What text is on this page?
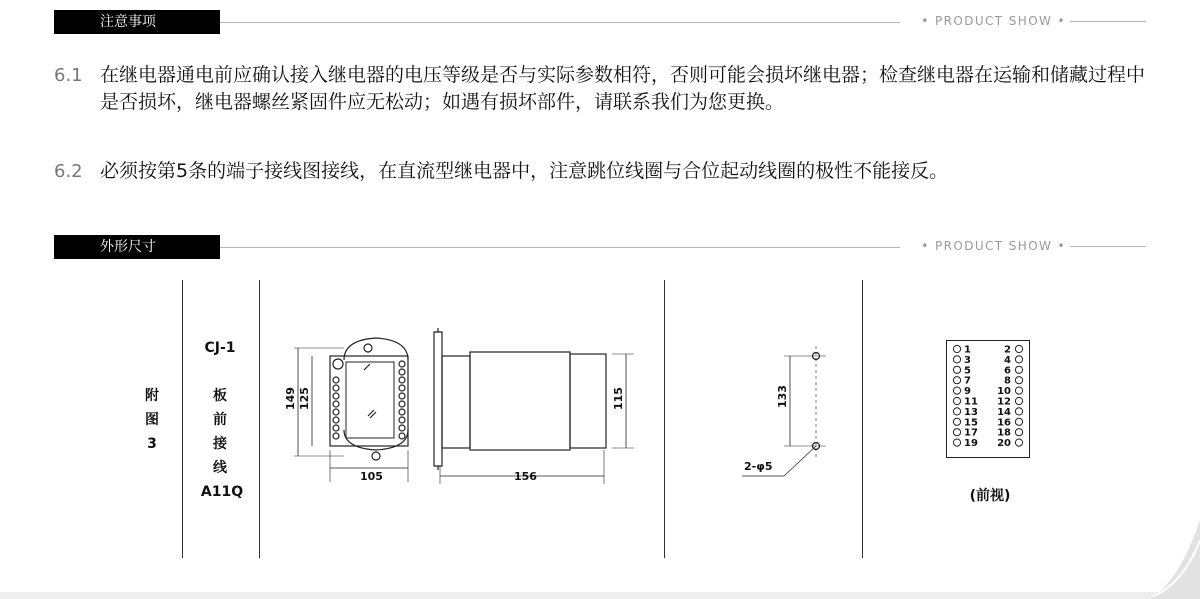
注意事项	• PRODUCT SHOW •
6.1 在继电器通电前应确认接入继电器的电压等级是否与实际参数相符，否则可能会损坏继电器；检查继电器在运输和储藏过程中是否损坏，继电器螺丝紧固件应无松动；如遇有损坏部件，请联系我们为您更换。
6.2 必须按第5条的端子接线图接线，在直流型继电器中，注意跳位线圈与合位起动线圈的极性不能接反。
外形尺寸	• PRODUCT SHOW •
附
图
3
CJ-1
板
前
接
线
A11Q
149 125
105	156
115	133
2-φ5
1	2
3	4
5	6
7	8
9	10
11 12
13 14
15 16
17 18
19 20
(前视)
